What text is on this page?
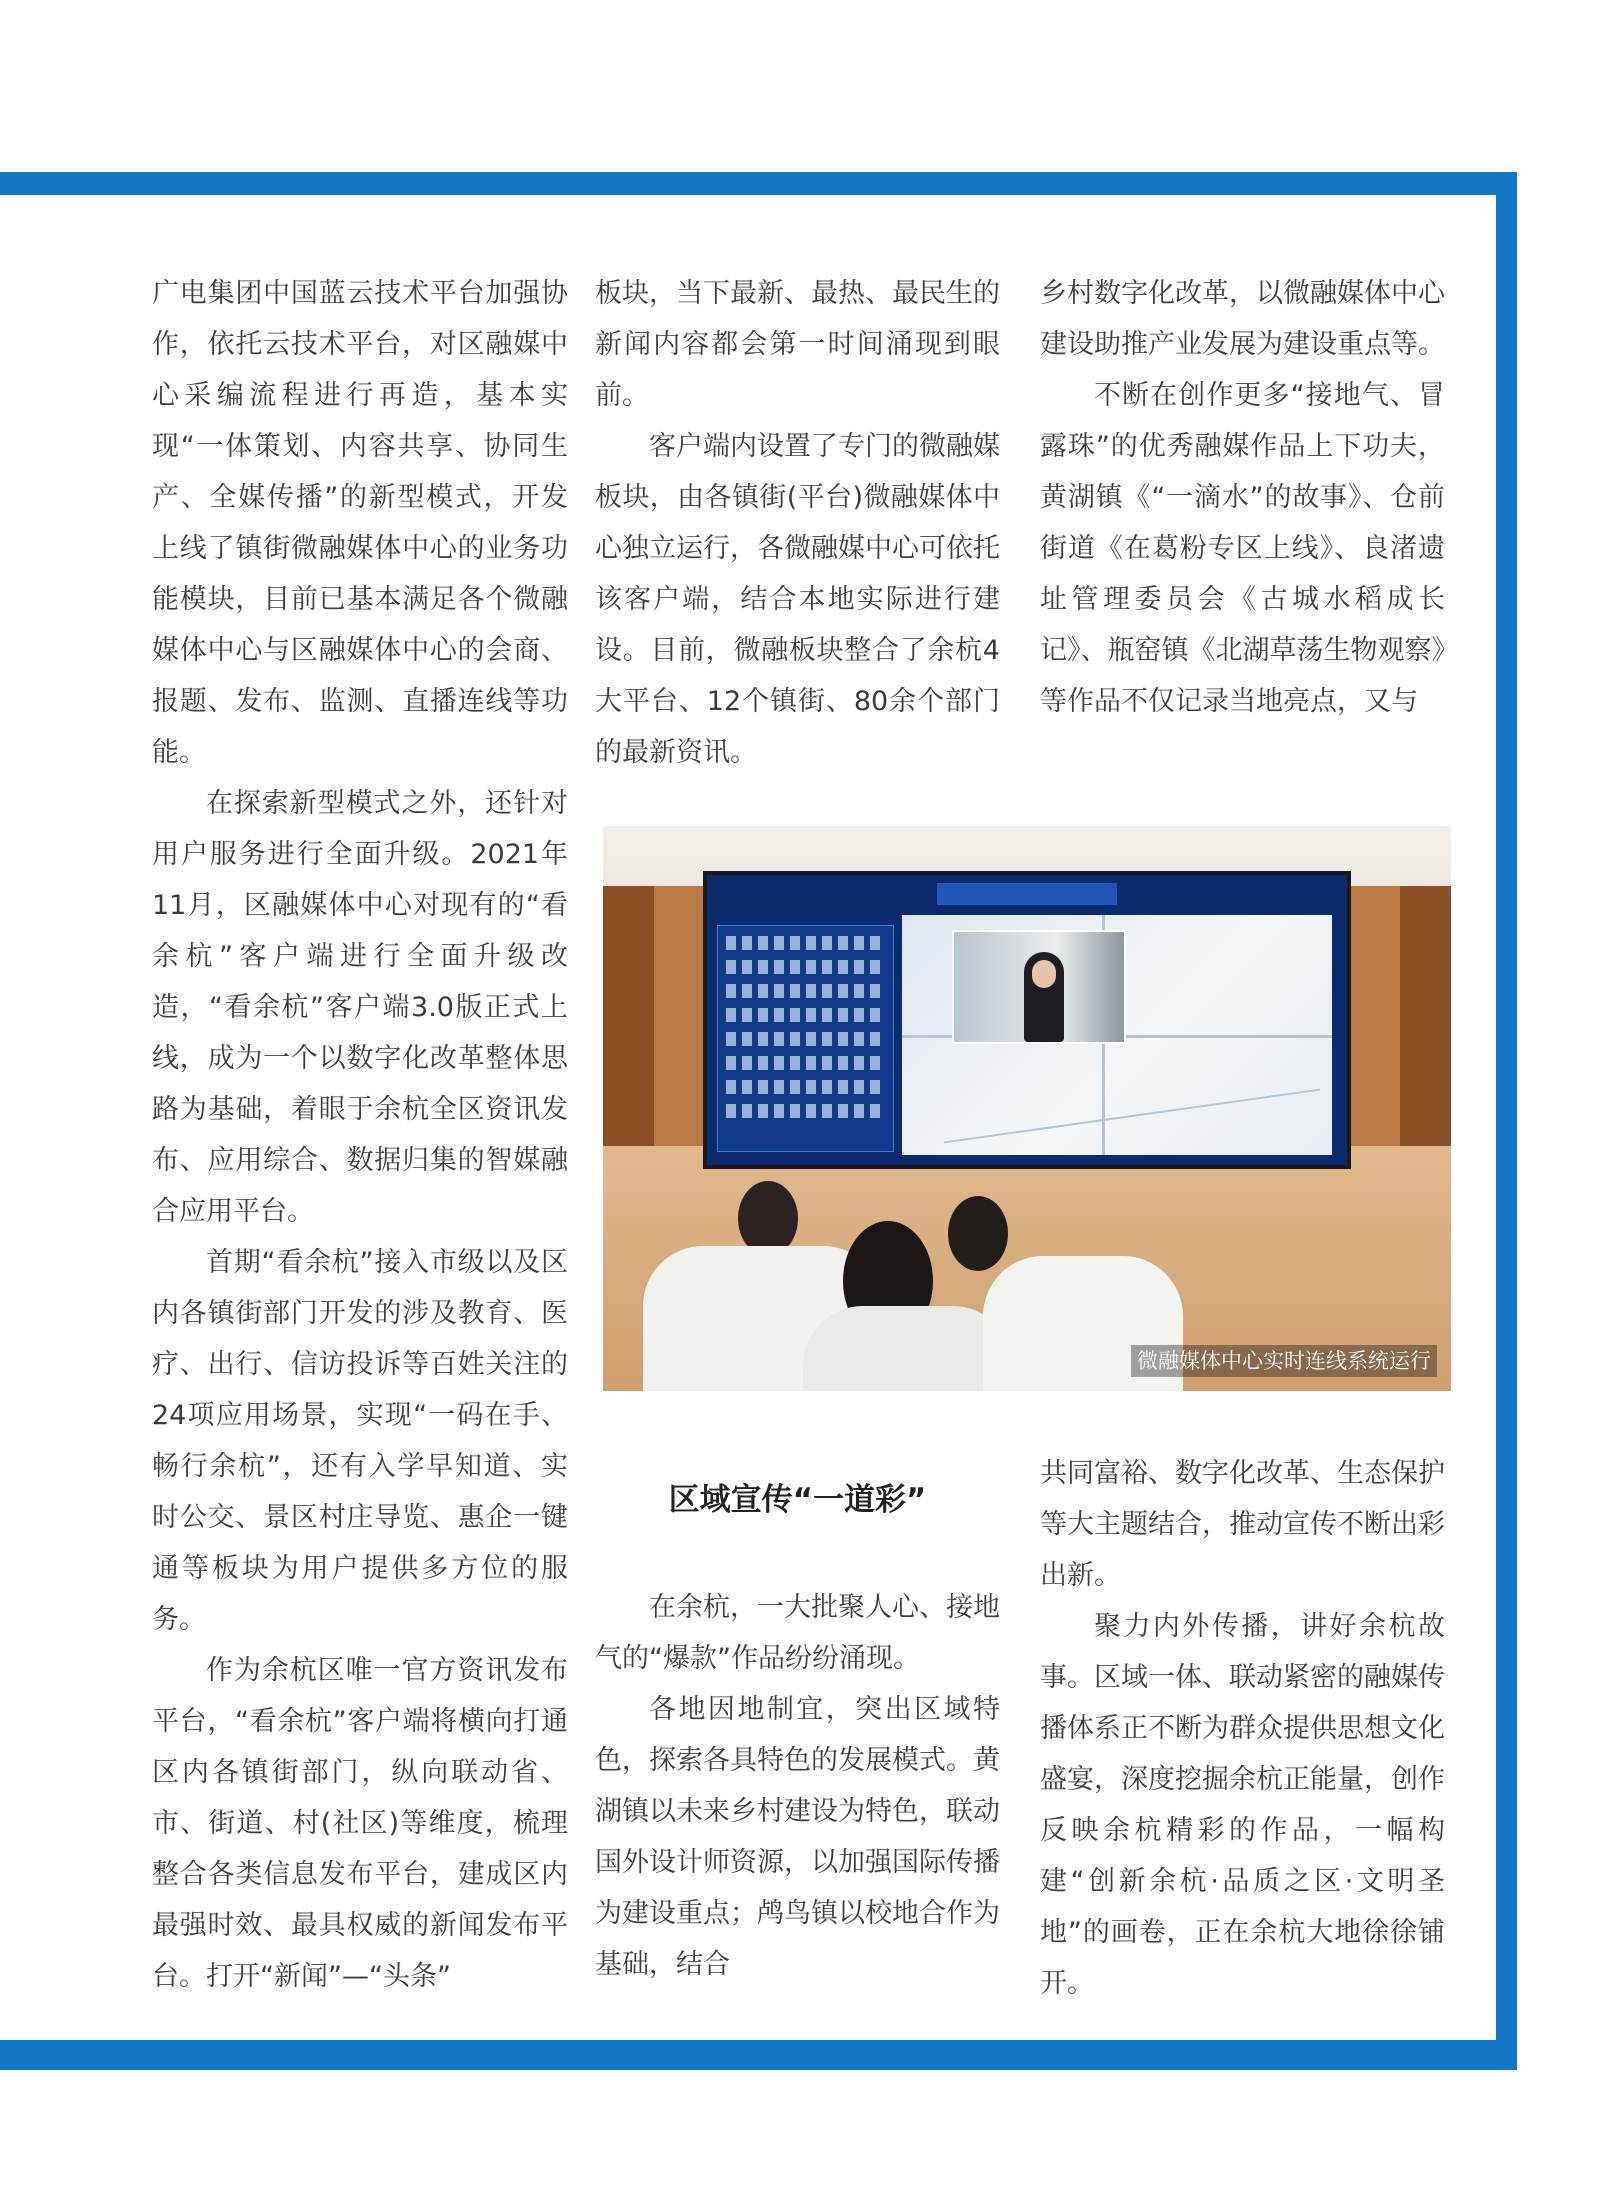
广电集团中国蓝云技术平台加强协作，依托云技术平台，对区融媒中心采编流程进行再造，基本实现“一体策划、内容共享、协同生产、全媒传播”的新型模式，开发上线了镇街微融媒体中心的业务功能模块，目前已基本满足各个微融媒体中心与区融媒体中心的会商、报题、发布、监测、直播连线等功能。

在探索新型模式之外，还针对用户服务进行全面升级。2021年11月，区融媒体中心对现有的“看余杭”客户端进行全面升级改造，“看余杭”客户端3.0版正式上线，成为一个以数字化改革整体思路为基础，着眼于余杭全区资讯发布、应用综合、数据归集的智媒融合应用平台。

首期“看余杭”接入市级以及区内各镇街部门开发的涉及教育、医疗、出行、信访投诉等百姓关注的24项应用场景，实现“一码在手、畅行余杭”，还有入学早知道、实时公交、景区村庄导览、惠企一键通等板块为用户提供多方位的服务。

作为余杭区唯一官方资讯发布平台，“看余杭”客户端将横向打通区内各镇街部门，纵向联动省、市、街道、村(社区)等维度，梳理整合各类信息发布平台，建成区内最强时效、最具权威的新闻发布平台。打开“新闻”—“头条”

板块，当下最新、最热、最民生的新闻内容都会第一时间涌现到眼前。

客户端内设置了专门的微融媒板块，由各镇街(平台)微融媒体中心独立运行，各微融媒中心可依托该客户端，结合本地实际进行建设。目前，微融板块整合了余杭4大平台、12个镇街、80余个部门的最新资讯。

乡村数字化改革，以微融媒体中心建设助推产业发展为建设重点等。

不断在创作更多“接地气、冒露珠”的优秀融媒作品上下功夫，黄湖镇《“一滴水”的故事》、仓前街道《在葛粉专区上线》、良渚遗址管理委员会《古城水稻成长记》、瓶窑镇《北湖草荡生物观察》等作品不仅记录当地亮点，又与

微融媒体中心实时连线系统运行
区域宣传“一道彩”

在余杭，一大批聚人心、接地气的“爆款”作品纷纷涌现。

各地因地制宜，突出区域特色，探索各具特色的发展模式。黄湖镇以未来乡村建设为特色，联动国外设计师资源，以加强国际传播为建设重点；鸬鸟镇以校地合作为基础，结合

共同富裕、数字化改革、生态保护等大主题结合，推动宣传不断出彩出新。

聚力内外传播，讲好余杭故事。区域一体、联动紧密的融媒传播体系正不断为群众提供思想文化盛宴，深度挖掘余杭正能量，创作反映余杭精彩的作品，一幅构建“创新余杭·品质之区·文明圣地”的画卷，正在余杭大地徐徐铺开。
